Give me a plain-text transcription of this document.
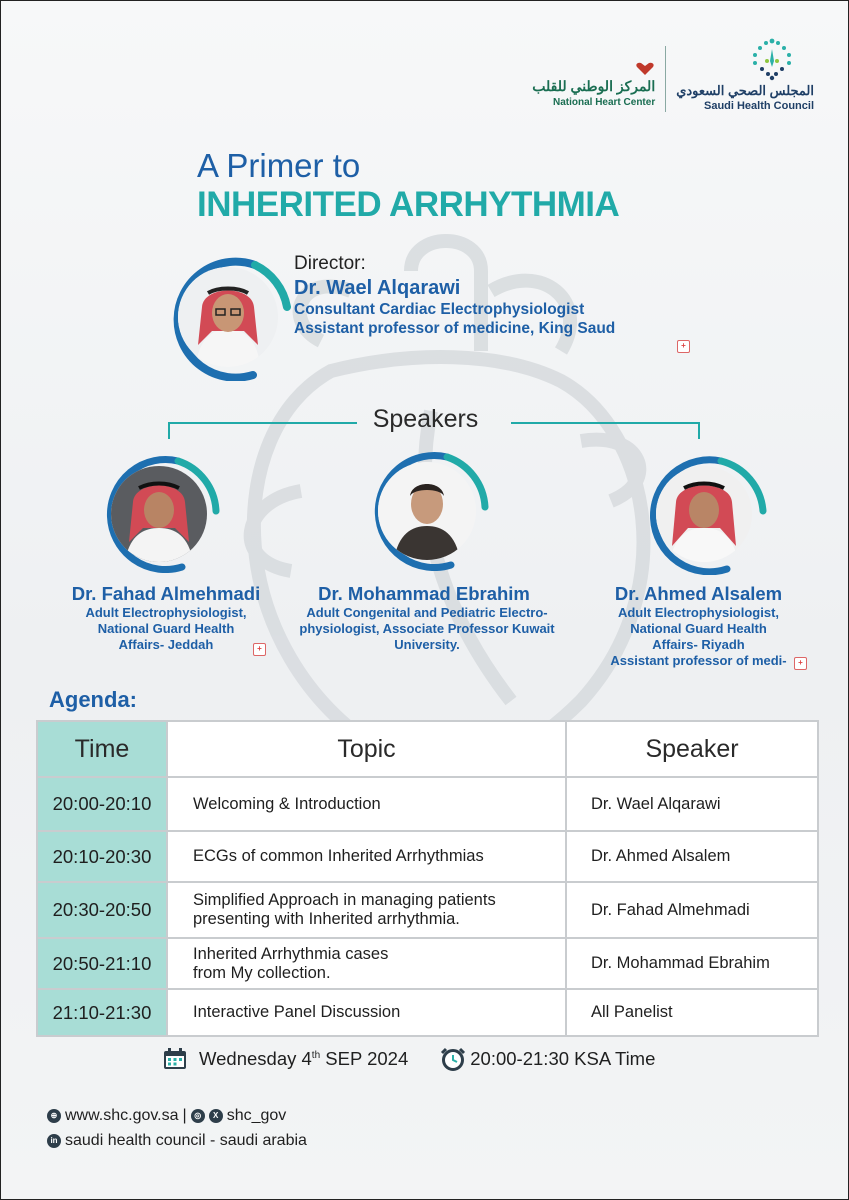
المركز الوطني للقلب
National Heart Center
المجلس الصحي السعودي
Saudi Health Council
A Primer to
INHERITED ARRHYTHMIA
Director:
Dr. Wael Alqarawi
Consultant Cardiac Electrophysiologist
Assistant professor of medicine, King Saud
+
Speakers
Dr. Fahad Almehmadi
Adult Electrophysiologist,
National Guard Health
Affairs- Jeddah	+
Dr. Mohammad Ebrahim
Adult Congenital and Pediatric Electro-
physiologist, Associate Professor Kuwait
University.
Dr. Ahmed Alsalem
Adult Electrophysiologist,
National Guard Health
Affairs- Riyadh
Assistant professor of medi-	+
Agenda:
Time	Topic	Speaker
20:00-20:10	Welcoming & Introduction	Dr. Wael Alqarawi
20:10-20:30	ECGs of common Inherited Arrhythmias	Dr. Ahmed Alsalem
20:30-20:50	Simplified Approach in managing patients
presenting with Inherited arrhythmia.	Dr. Fahad Almehmadi
20:50-21:10	Inherited Arrhythmia cases
from My collection.	Dr. Mohammad Ebrahim
21:10-21:30	Interactive Panel Discussion	All Panelist
Wednesday 4th SEP 2024	20:00-21:30 KSA Time
⊕ www.shc.gov.sa | ◎	X shc_gov
in saudi health council - saudi arabia
